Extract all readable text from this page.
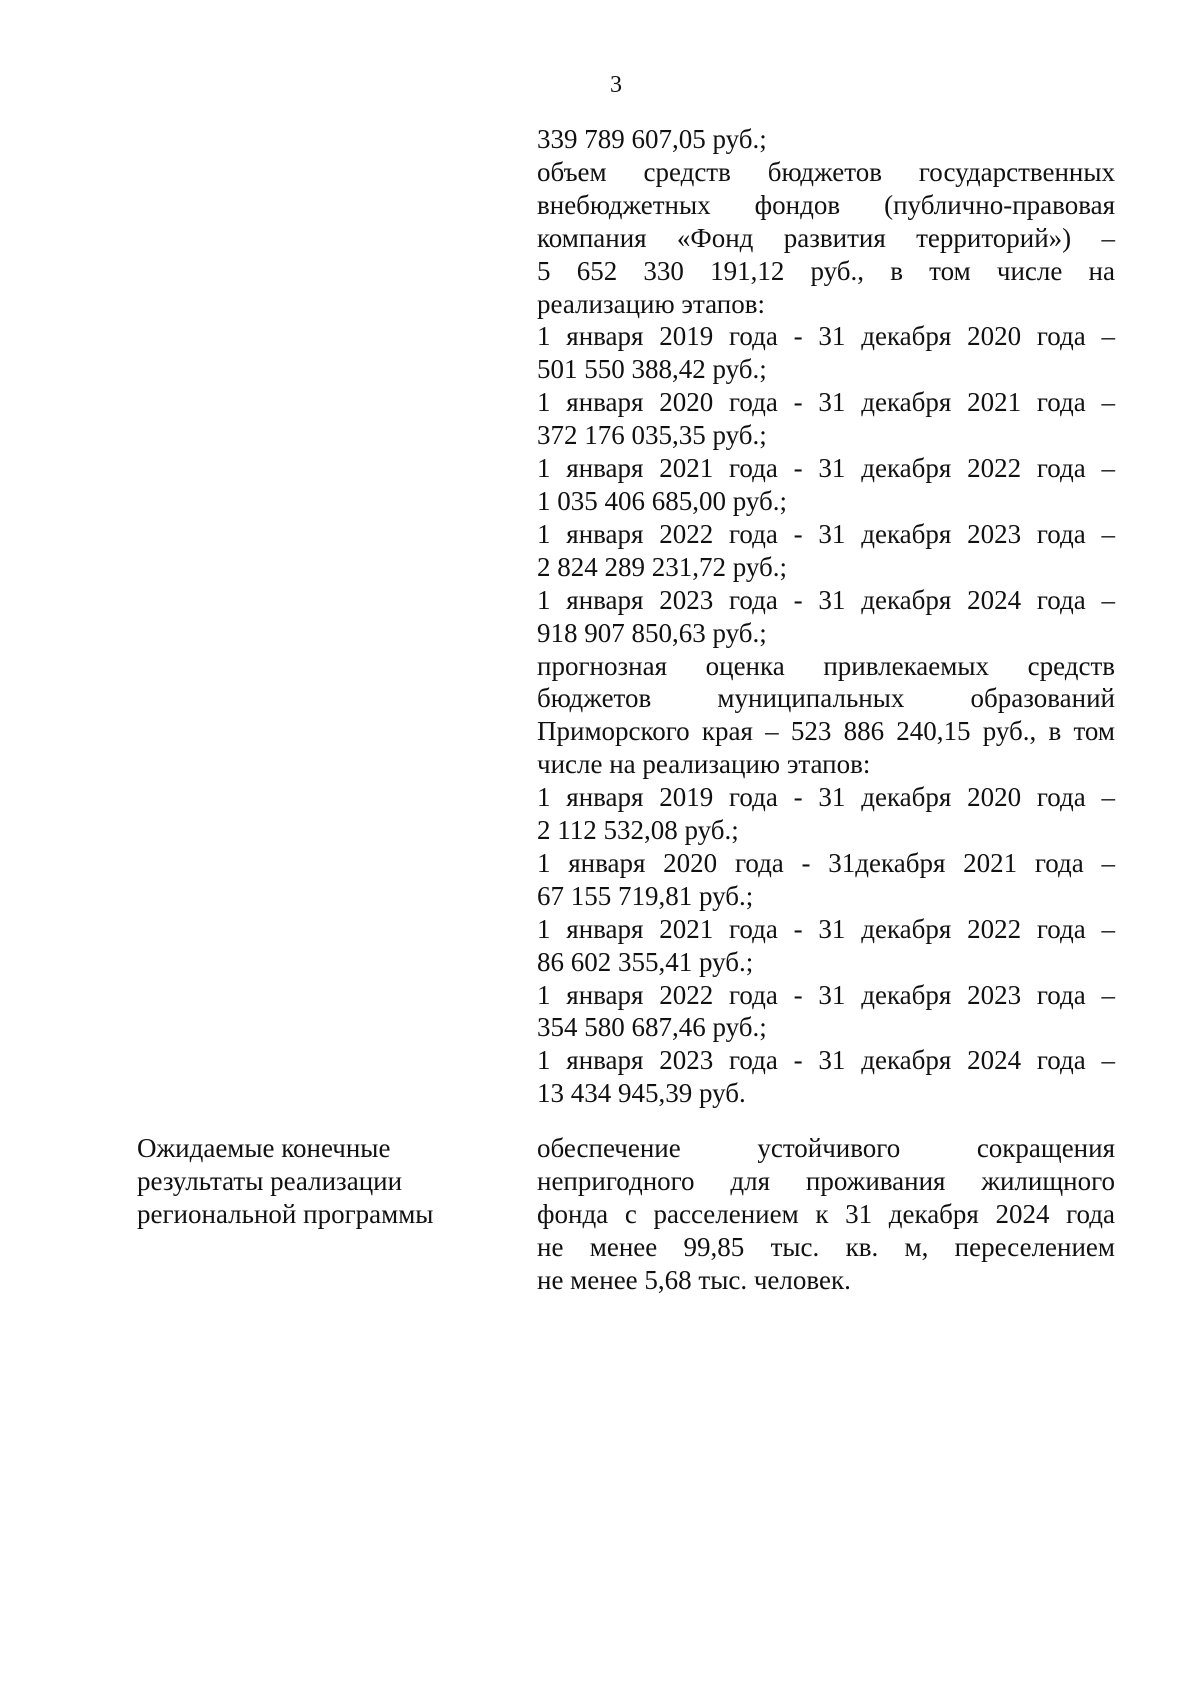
3
339 789 607,05 руб.;
объем средств бюджетов государственных
внебюджетных фондов (публично-правовая
компания «Фонд развития территорий») –
5 652 330 191,12 руб., в том числе на
реализацию этапов:
1 января 2019 года - 31 декабря 2020 года –
501 550 388,42 руб.;
1 января 2020 года - 31 декабря 2021 года –
372 176 035,35 руб.;
1 января 2021 года - 31 декабря 2022 года –
1 035 406 685,00 руб.;
1 января 2022 года - 31 декабря 2023 года –
2 824 289 231,72 руб.;
1 января 2023 года - 31 декабря 2024 года –
918 907 850,63 руб.;
прогнозная оценка привлекаемых средств
бюджетов муниципальных образований
Приморского края – 523 886 240,15 руб., в том
числе на реализацию этапов:
1 января 2019 года - 31 декабря 2020 года –
2 112 532,08 руб.;
1 января 2020 года - 31декабря 2021 года –
67 155 719,81 руб.;
1 января 2021 года - 31 декабря 2022 года –
86 602 355,41 руб.;
1 января 2022 года - 31 декабря 2023 года –
354 580 687,46 руб.;
1 января 2023 года - 31 декабря 2024 года –
13 434 945,39 руб.
Ожидаемые конечные
результаты реализации
региональной программы
обеспечение устойчивого сокращения
непригодного для проживания жилищного
фонда с расселением к 31 декабря 2024 года
не менее 99,85 тыс. кв. м, переселением
не менее 5,68 тыс. человек.
